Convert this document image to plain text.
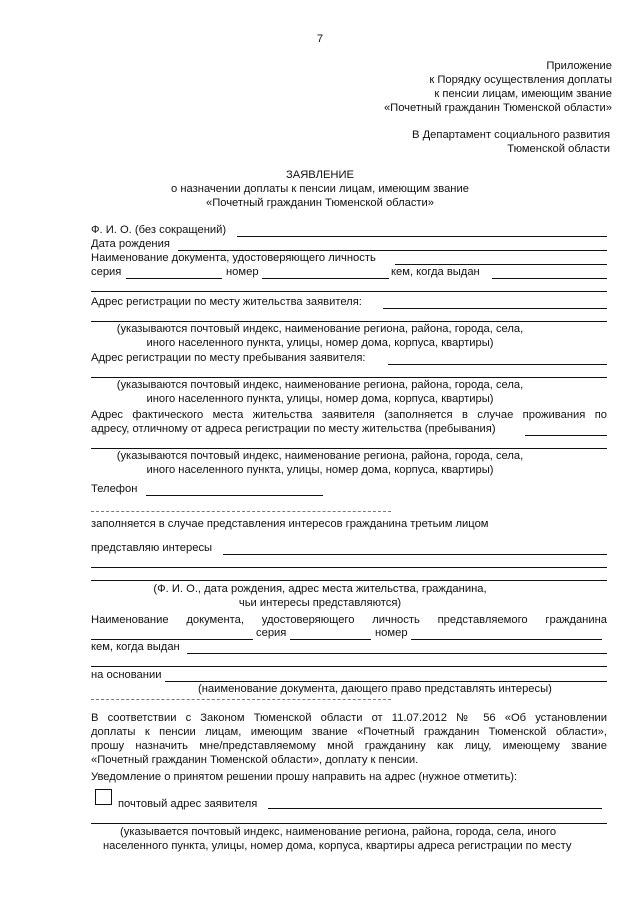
7
Приложение
к Порядку осуществления доплаты
к пенсии лицам, имеющим звание
«Почетный гражданин Тюменской области»
В Департамент социального развития
Тюменской области
ЗАЯВЛЕНИЕ
о назначении доплаты к пенсии лицам, имеющим звание
«Почетный гражданин Тюменской области»
Ф. И. О. (без сокращений)
Дата рождения
Наименование документа, удостоверяющего личность
серия	номер	кем, когда выдан
Адрес регистрации по месту жительства заявителя:
(указываются почтовый индекс, наименование региона, района, города, села,
иного населенного пункта, улицы, номер дома, корпуса, квартиры)
Адрес регистрации по месту пребывания заявителя:
(указываются почтовый индекс, наименование региона, района, города, села,
иного населенного пункта, улицы, номер дома, корпуса, квартиры)
Адрес фактического места жительства заявителя (заполняется в случае проживания по
адресу, отличному от адреса регистрации по месту жительства (пребывания)
(указываются почтовый индекс, наименование региона, района, города, села,
иного населенного пункта, улицы, номер дома, корпуса, квартиры)
Телефон
заполняется в случае представления интересов гражданина третьим лицом
представляю интересы
(Ф. И. О., дата рождения, адрес места жительства, гражданина,
чьи интересы представляются)
Наименование документа, удостоверяющего личность представляемого гражданина
серия	номер
кем, когда выдан
на основании
(наименование документа, дающего право представлять интересы)
В соответствии с Законом Тюменской области от 11.07.2012 № 56 «Об установлении
доплаты к пенсии лицам, имеющим звание «Почетный гражданин Тюменской области»,
прошу назначить мне/представляемому мной гражданину как лицу, имеющему звание
«Почетный гражданин Тюменской области», доплату к пенсии.
Уведомление о принятом решении прошу направить на адрес (нужное отметить):
почтовый адрес заявителя
(указывается почтовый индекс, наименование региона, района, города, села, иного
населенного пункта, улицы, номер дома, корпуса, квартиры адреса регистрации по месту
